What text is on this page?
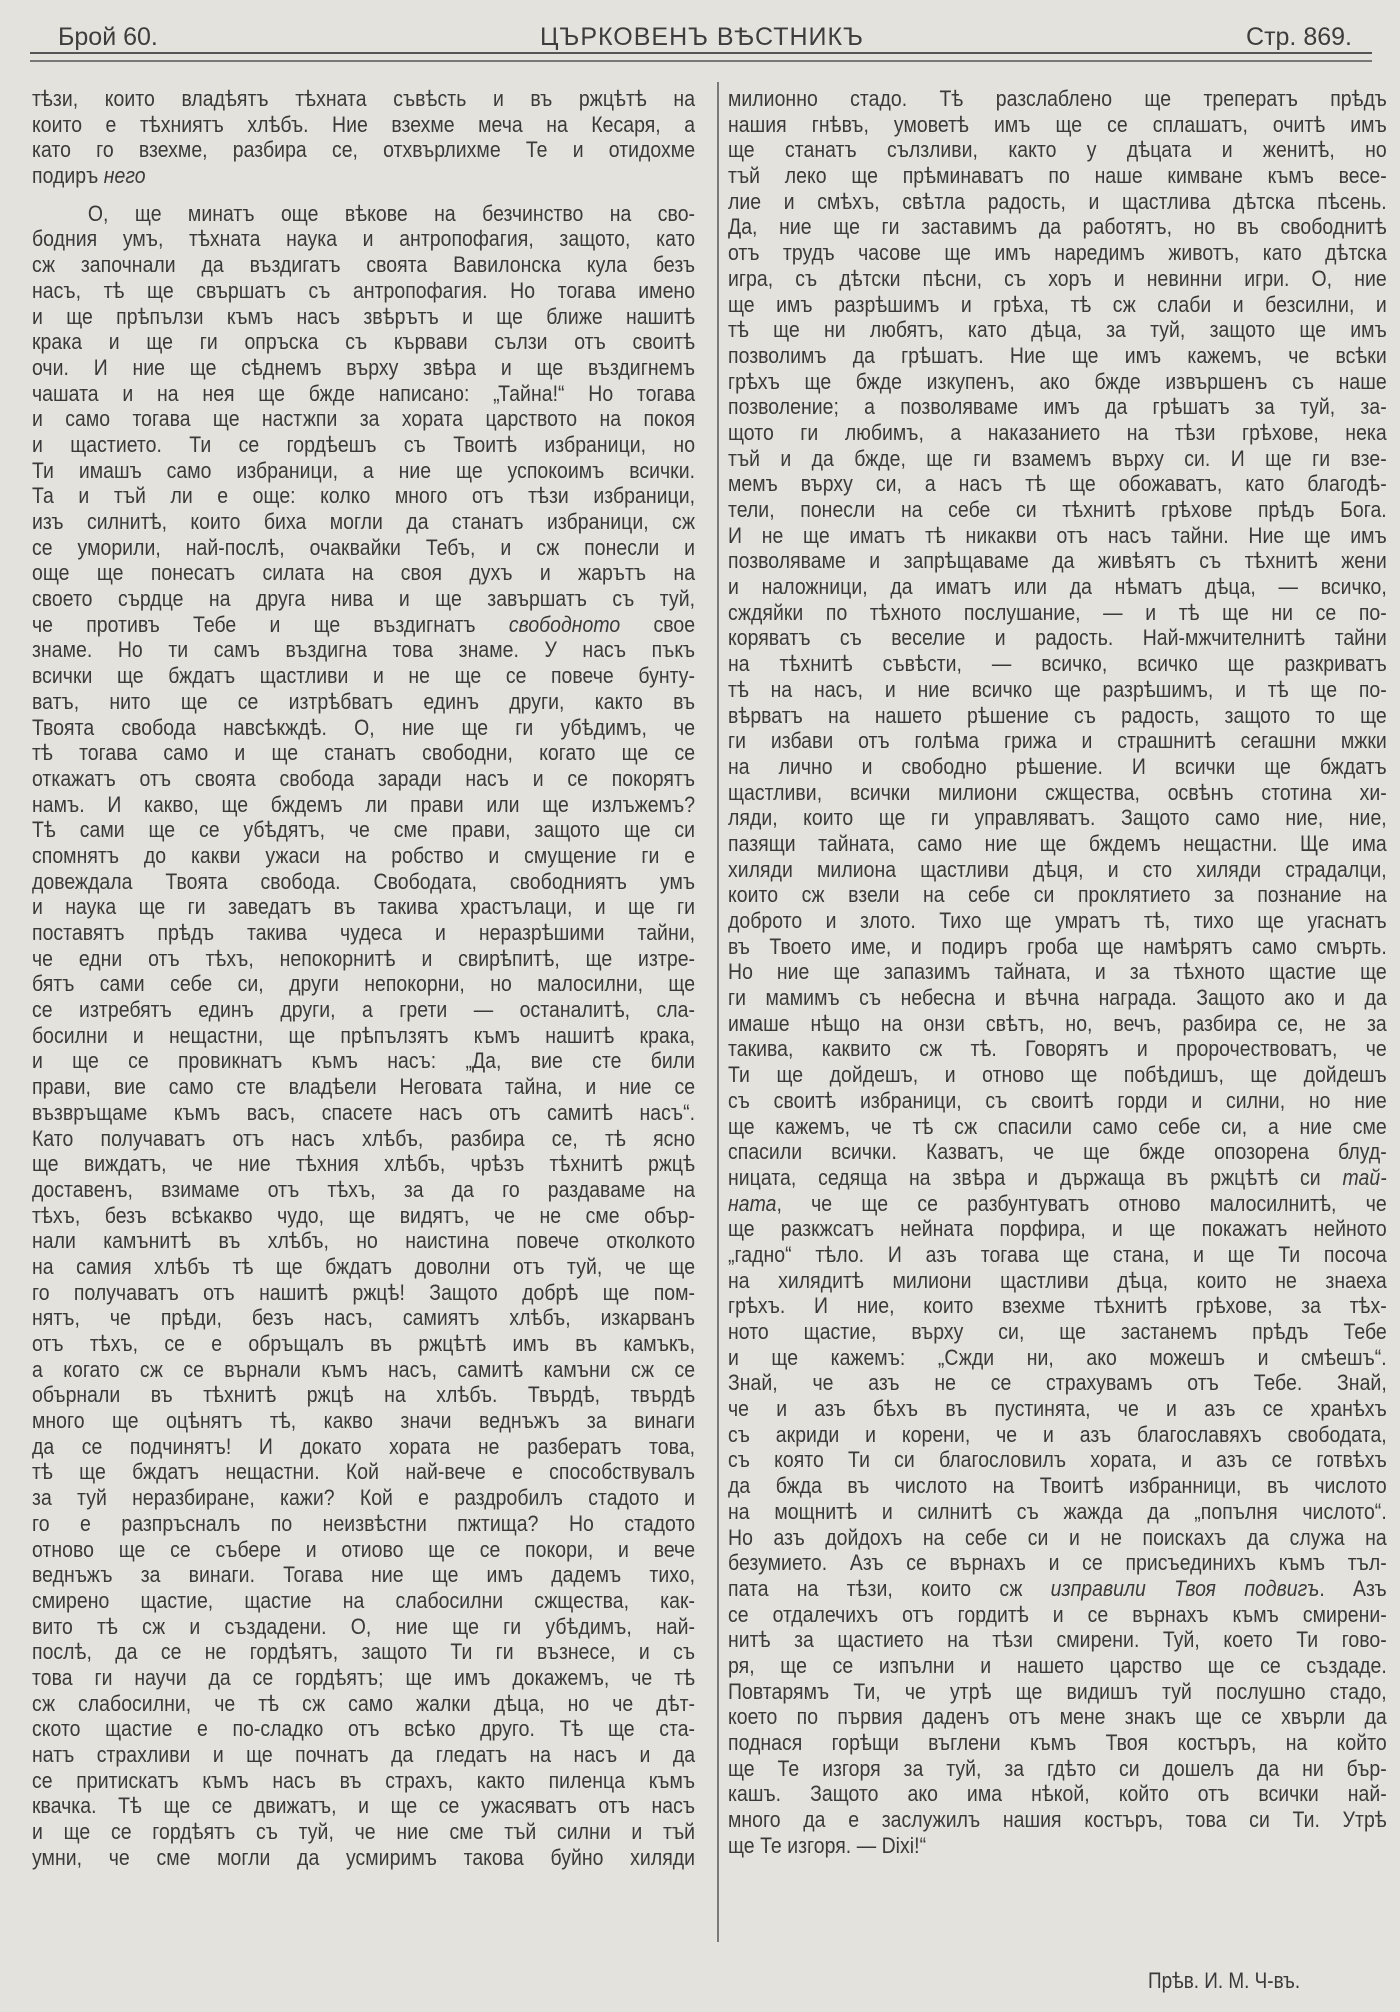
Брой 60.	ЦЪРКОВЕНЪ ВѢСТНИКЪ	Стр. 869.
тѣзи, които владѣятъ тѣхната съвѣсть и въ ржцѣтѣ на
които е тѣхниятъ хлѣбъ. Ние взехме меча на Кесаря, а
като го взехме, разбира се, отхвърлихме Те и отидохме
подиръ него
О, ще минатъ още вѣкове на безчинство на сво-
бодния умъ, тѣхната наука и антропофагия, защото, като
сж започнали да въздигатъ своята Вавилонска кула безъ
насъ, тѣ ще свършатъ съ антропофагия. Но тогава имено
и ще прѣпълзи къмъ насъ звѣрътъ и ще ближе нашитѣ
крака и ще ги опръска съ кървави сълзи отъ своитѣ
очи. И ние ще сѣднемъ върху звѣра и ще въздигнемъ
чашата и на нея ще бжде написано: „Тайна!“ Но тогава
и само тогава ще настжпи за хората царството на покоя
и щастието. Ти се гордѣешъ съ Твоитѣ избраници, но
Ти имашъ само избраници, а ние ще успокоимъ всички.
Та и тъй ли е още: колко много отъ тѣзи избраници,
изъ силнитѣ, които биха могли да станатъ избраници, сж
се уморили, най-послѣ, очаквайки Тебъ, и сж понесли и
още ще понесатъ силата на своя духъ и жарътъ на
своето сърдце на друга нива и ще завършатъ съ туй,
че противъ Тебе и ще въздигнатъ свободното свое
знаме. Но ти самъ въздигна това знаме. У насъ пъкъ
всички ще бждатъ щастливи и не ще се повече бунту-
ватъ, нито ще се изтрѣбватъ единъ други, както въ
Твоята свобода навсѣкждѣ. О, ние ще ги убѣдимъ, че
тѣ тогава само и ще станатъ свободни, когато ще се
откажатъ отъ своята свобода заради насъ и се покорятъ
намъ. И какво, ще бждемъ ли прави или ще излъжемъ?
Тѣ сами ще се убѣдятъ, че сме прави, защото ще си
спомнятъ до какви ужаси на робство и смущение ги е
довеждала Твоята свобода. Свободата, свободниятъ умъ
и наука ще ги заведатъ въ такива храстълаци, и ще ги
поставятъ прѣдъ такива чудеса и неразрѣшими тайни,
че едни отъ тѣхъ, непокорнитѣ и свирѣпитѣ, ще изтре-
бятъ сами себе си, други непокорни, но малосилни, ще
се изтребятъ единъ други, а грети — останалитѣ, сла-
босилни и нещастни, ще прѣпълзятъ къмъ нашитѣ крака,
и ще се провикнатъ къмъ насъ: „Да, вие сте били
прави, вие само сте владѣели Неговата тайна, и ние се
възвръщаме къмъ васъ, спасете насъ отъ самитѣ насъ“.
Като получаватъ отъ насъ хлѣбъ, разбира се, тѣ ясно
ще виждатъ, че ние тѣхния хлѣбъ, чрѣзъ тѣхнитѣ ржцѣ
доставенъ, взимаме отъ тѣхъ, за да го раздаваме на
тѣхъ, безъ всѣкакво чудо, ще видятъ, че не сме обър-
нали камънитѣ въ хлѣбъ, но наистина повече отколкото
на самия хлѣбъ тѣ ще бждатъ доволни отъ туй, че ще
го получаватъ отъ нашитѣ ржцѣ! Защото добрѣ ще пом-
нятъ, че прѣди, безъ насъ, самиятъ хлѣбъ, изкарванъ
отъ тѣхъ, се е обръщалъ въ ржцѣтѣ имъ въ камъкъ,
а когато сж се върнали къмъ насъ, самитѣ камъни сж се
обърнали въ тѣхнитѣ ржцѣ на хлѣбъ. Твърдѣ, твърдѣ
много ще оцѣнятъ тѣ, какво значи веднъжъ за винаги
да се подчинятъ! И докато хората не разбератъ това,
тѣ ще бждатъ нещастни. Кой най-вече е способствувалъ
за туй неразбиране, кажи? Кой е раздробилъ стадото и
го е разпръсналъ по неизвѣстни пжтища? Но стадото
отново ще се събере и отиово ще се покори, и вече
веднъжъ за винаги. Тогава ние ще имъ дадемъ тихо,
смирено щастие, щастие на слабосилни сжщества, как-
вито тѣ сж и създадени. О, ние ще ги убѣдимъ, най-
послѣ, да се не гордѣятъ, защото Ти ги възнесе, и съ
това ги научи да се гордѣятъ; ще имъ докажемъ, че тѣ
сж слабосилни, че тѣ сж само жалки дѣца, но че дѣт-
ското щастие е по-сладко отъ всѣко друго. Тѣ ще ста-
натъ страхливи и ще почнатъ да гледатъ на насъ и да
се притискатъ къмъ насъ въ страхъ, както пиленца къмъ
квачка. Тѣ ще се движатъ, и ще се ужасяватъ отъ насъ
и ще се гордѣятъ съ туй, че ние сме тъй силни и тъй
умни, че сме могли да усмиримъ такова буйно хиляди
милионно стадо. Тѣ разслаблено ще треператъ прѣдъ
нашия гнѣвъ, умоветѣ имъ ще се сплашатъ, очитѣ имъ
ще станатъ сълзливи, както у дѣцата и женитѣ, но
тъй леко ще прѣминаватъ по наше кимване къмъ весе-
лие и смѣхъ, свѣтла радость, и щастлива дѣтска пѣсень.
Да, ние ще ги заставимъ да работятъ, но въ свободнитѣ
отъ трудъ часове ще имъ наредимъ животъ, като дѣтска
игра, съ дѣтски пѣсни, съ хоръ и невинни игри. О, ние
ще имъ разрѣшимъ и грѣха, тѣ сж слаби и безсилни, и
тѣ ще ни любятъ, като дѣца, за туй, защото ще имъ
позволимъ да грѣшатъ. Ние ще имъ кажемъ, че всѣки
грѣхъ ще бжде изкупенъ, ако бжде извършенъ съ наше
позволение; а позволяваме имъ да грѣшатъ за туй, за-
щото ги любимъ, а наказанието на тѣзи грѣхове, нека
тъй и да бжде, ще ги взамемъ върху си. И ще ги взе-
мемъ върху си, а насъ тѣ ще обожаватъ, като благодѣ-
тели, понесли на себе си тѣхнитѣ грѣхове прѣдъ Бога.
И не ще иматъ тѣ никакви отъ насъ тайни. Ние ще имъ
позволяваме и запрѣщаваме да живѣятъ съ тѣхнитѣ жени
и наложници, да иматъ или да нѣматъ дѣца, — всичко,
сждяйки по тѣхното послушание, — и тѣ ще ни се по-
коряватъ съ веселие и радость. Най-мжчителнитѣ тайни
на тѣхнитѣ съвѣсти, — всичко, всичко ще разкриватъ
тѣ на насъ, и ние всичко ще разрѣшимъ, и тѣ ще по-
вѣрватъ на нашето рѣшение съ радость, защото то ще
ги избави отъ голѣма грижа и страшнитѣ сегашни мжки
на лично и свободно рѣшение. И всички ще бждатъ
щастливи, всички милиони сжщества, освѣнъ стотина хи-
ляди, които ще ги управляватъ. Защото само ние, ние,
пазящи тайната, само ние ще бждемъ нещастни. Ще има
хиляди милиона щастливи дѣця, и сто хиляди страдалци,
които сж взели на себе си проклятието за познание на
доброто и злото. Тихо ще умратъ тѣ, тихо ще угаснатъ
въ Твоето име, и подиръ гроба ще намѣрятъ само смърть.
Но ние ще запазимъ тайната, и за тѣхното щастие ще
ги мамимъ съ небесна и вѣчна награда. Защото ако и да
имаше нѣщо на онзи свѣтъ, но, вечъ, разбира се, не за
такива, каквито сж тѣ. Говорятъ и пророчествоватъ, че
Ти ще дойдешъ, и отново ще побѣдишъ, ще дойдешъ
съ своитѣ избраници, съ своитѣ горди и силни, но ние
ще кажемъ, че тѣ сж спасили само себе си, а ние сме
спасили всички. Казватъ, че ще бжде опозорена блуд-
ницата, седяща на звѣра и държаща въ ржцѣтѣ си тай-
ната, че ще се разбунтуватъ отново малосилнитѣ, че
ще разкжсатъ нейната порфира, и ще покажатъ нейното
„гадно“ тѣло. И азъ тогава ще стана, и ще Ти посоча
на хилядитѣ милиони щастливи дѣца, които не знаеха
грѣхъ. И ние, които взехме тѣхнитѣ грѣхове, за тѣх-
ното щастие, върху си, ще застанемъ прѣдъ Тебе
и ще кажемъ: „Сжди ни, ако можешъ и смѣешъ“.
Знай, че азъ не се страхувамъ отъ Тебе. Знай,
че и азъ бѣхъ въ пустинята, че и азъ се хранѣхъ
съ акриди и корени, че и азъ благославяхъ свободата,
съ която Ти си благословилъ хората, и азъ се готвѣхъ
да бжда въ числото на Твоитѣ избранници, въ числото
на мощнитѣ и силнитѣ съ жажда да „попълня числото“.
Но азъ дойдохъ на себе си и не поискахъ да служа на
безумието. Азъ се върнахъ и се присъединихъ къмъ тъл-
пата на тѣзи, които сж изправили Твоя подвигъ. Азъ
се отдалечихъ отъ гордитѣ и се върнахъ къмъ смирени-
нитѣ за щастието на тѣзи смирени. Туй, което Ти гово-
ря, ще се изпълни и нашето царство ще се създаде.
Повтарямъ Ти, че утрѣ ще видишъ туй послушно стадо,
което по първия даденъ отъ мене знакъ ще се хвърли да
поднася горѣщи въглени къмъ Твоя костъръ, на който
ще Те изгоря за туй, за гдѣто си дошелъ да ни бър-
кашъ. Защото ако има нѣкой, който отъ всички най-
много да е заслужилъ нашия костъръ, това си Ти. Утрѣ
ще Те изгоря. — Dixi!“
Прѣв. И. М. Ч-въ.
